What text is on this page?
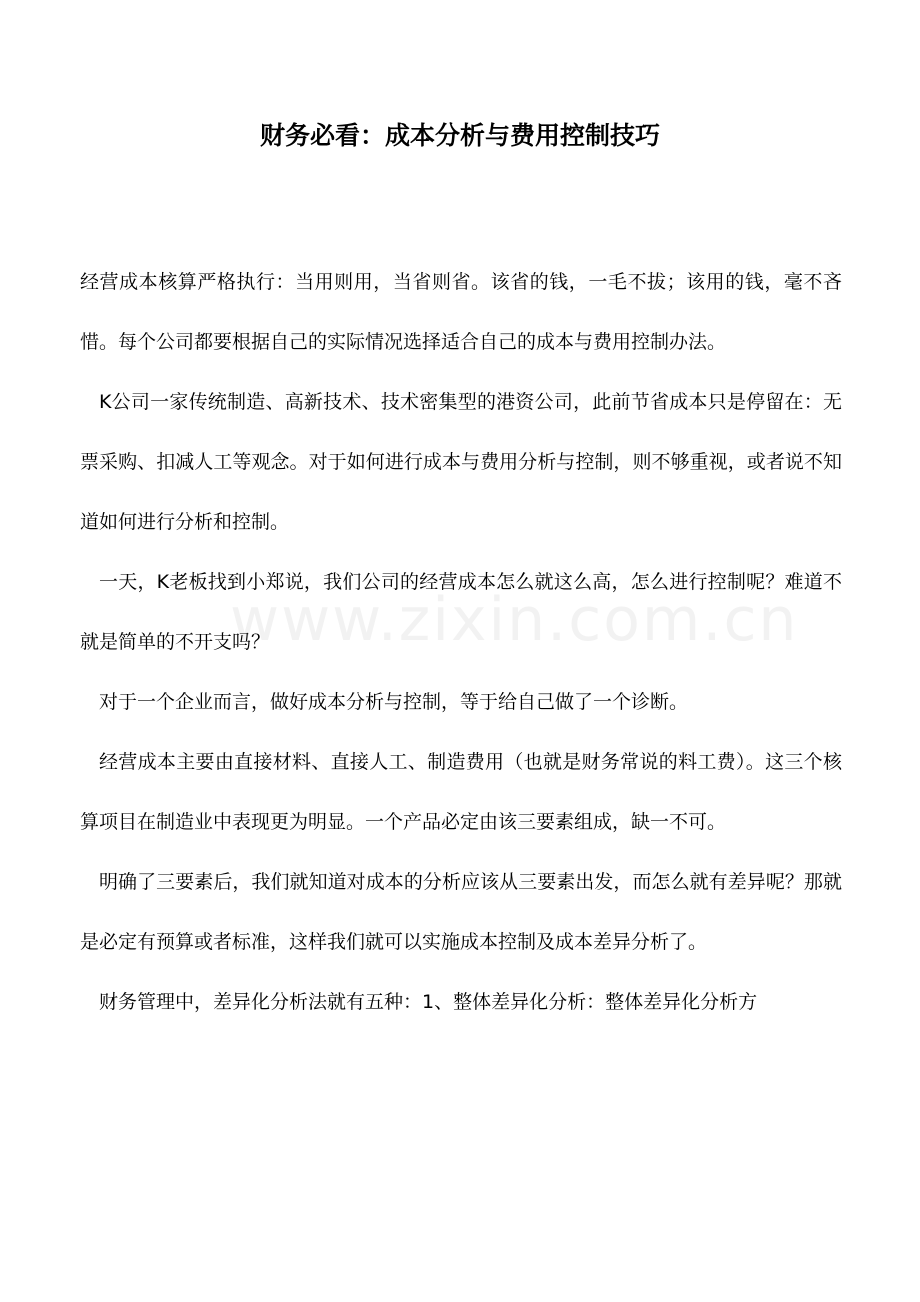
www.zixin.com.cn
财务必看：成本分析与费用控制技巧

经营成本核算严格执行：当用则用，当省则省。该省的钱，一毛不拔；该用的钱，毫不吝惜。每个公司都要根据自己的实际情况选择适合自己的成本与费用控制办法。

K公司一家传统制造、高新技术、技术密集型的港资公司，此前节省成本只是停留在：无票采购、扣减人工等观念。对于如何进行成本与费用分析与控制，则不够重视，或者说不知道如何进行分析和控制。

一天，K老板找到小郑说，我们公司的经营成本怎么就这么高，怎么进行控制呢？难道不就是简单的不开支吗？

对于一个企业而言，做好成本分析与控制，等于给自己做了一个诊断。

经营成本主要由直接材料、直接人工、制造费用（也就是财务常说的料工费）。这三个核算项目在制造业中表现更为明显。一个产品必定由该三要素组成，缺一不可。

明确了三要素后，我们就知道对成本的分析应该从三要素出发，而怎么就有差异呢？那就是必定有预算或者标准，这样我们就可以实施成本控制及成本差异分析了。

财务管理中，差异化分析法就有五种：1、整体差异化分析：整体差异化分析方
